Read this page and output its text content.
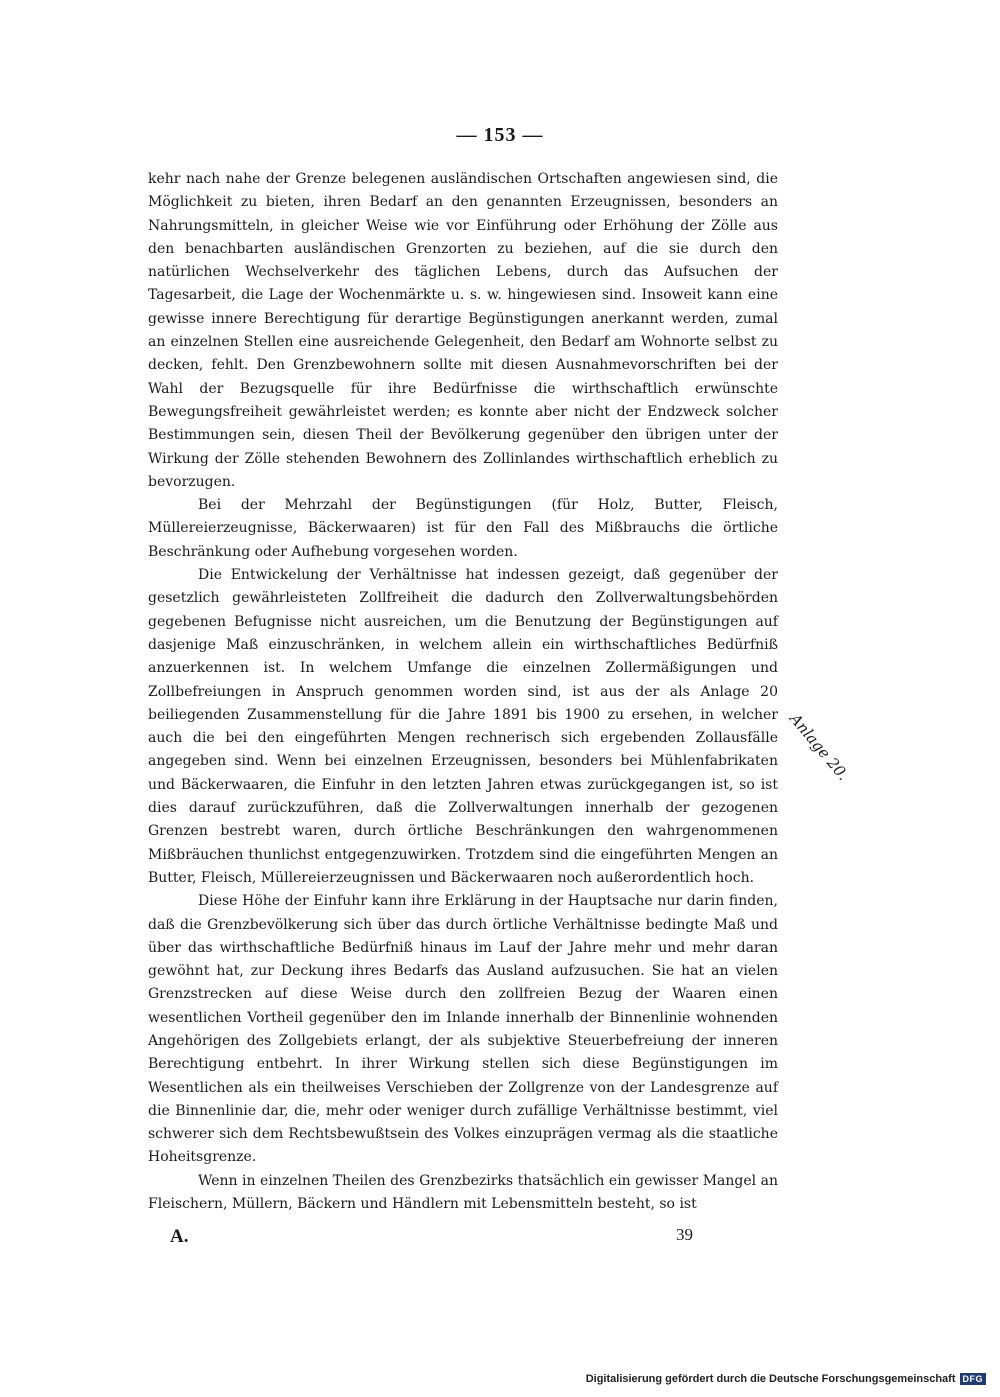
— 153 —

kehr nach nahe der Grenze belegenen ausländischen Ortschaften angewiesen sind, die Möglichkeit zu bieten, ihren Bedarf an den genannten Erzeugnissen, besonders an Nahrungsmitteln, in gleicher Weise wie vor Einführung oder Erhöhung der Zölle aus den benachbarten ausländischen Grenzorten zu beziehen, auf die sie durch den natürlichen Wechselverkehr des täglichen Lebens, durch das Aufsuchen der Tagesarbeit, die Lage der Wochenmärkte u. s. w. hingewiesen sind. Insoweit kann eine gewisse innere Berechtigung für derartige Begünstigungen anerkannt werden, zumal an einzelnen Stellen eine ausreichende Gelegenheit, den Bedarf am Wohnorte selbst zu decken, fehlt. Den Grenzbewohnern sollte mit diesen Ausnahmevorschriften bei der Wahl der Bezugsquelle für ihre Bedürfnisse die wirthschaftlich erwünschte Bewegungsfreiheit gewährleistet werden; es konnte aber nicht der Endzweck solcher Bestimmungen sein, diesen Theil der Bevölkerung gegenüber den übrigen unter der Wirkung der Zölle stehenden Bewohnern des Zollinlandes wirthschaftlich erheblich zu bevorzugen.

Bei der Mehrzahl der Begünstigungen (für Holz, Butter, Fleisch, Müllereierzeugnisse, Bäckerwaaren) ist für den Fall des Mißbrauchs die örtliche Beschränkung oder Aufhebung vorgesehen worden.

Die Entwickelung der Verhältnisse hat indessen gezeigt, daß gegenüber der gesetzlich gewährleisteten Zollfreiheit die dadurch den Zollverwaltungsbehörden gegebenen Befugnisse nicht ausreichen, um die Benutzung der Begünstigungen auf dasjenige Maß einzuschränken, in welchem allein ein wirthschaftliches Bedürfniß anzuerkennen ist. In welchem Umfange die einzelnen Zollermäßigungen und Zollbefreiungen in Anspruch genommen worden sind, ist aus der als Anlage 20 beiliegenden Zusammenstellung für die Jahre 1891 bis 1900 zu ersehen, in welcher auch die bei den eingeführten Mengen rechnerisch sich ergebenden Zollausfälle angegeben sind. Wenn bei einzelnen Erzeugnissen, besonders bei Mühlenfabrikaten und Bäckerwaaren, die Einfuhr in den letzten Jahren etwas zurückgegangen ist, so ist dies darauf zurückzuführen, daß die Zollverwaltungen innerhalb der gezogenen Grenzen bestrebt waren, durch örtliche Beschränkungen den wahrgenommenen Mißbräuchen thunlichst entgegenzuwirken. Trotzdem sind die eingeführten Mengen an Butter, Fleisch, Müllereierzeugnissen und Bäckerwaaren noch außerordentlich hoch.

Diese Höhe der Einfuhr kann ihre Erklärung in der Hauptsache nur darin finden, daß die Grenzbevölkerung sich über das durch örtliche Verhältnisse bedingte Maß und über das wirthschaftliche Bedürfniß hinaus im Lauf der Jahre mehr und mehr daran gewöhnt hat, zur Deckung ihres Bedarfs das Ausland aufzusuchen. Sie hat an vielen Grenzstrecken auf diese Weise durch den zollfreien Bezug der Waaren einen wesentlichen Vortheil gegenüber den im Inlande innerhalb der Binnenlinie wohnenden Angehörigen des Zollgebiets erlangt, der als subjektive Steuerbefreiung der inneren Berechtigung entbehrt. In ihrer Wirkung stellen sich diese Begünstigungen im Wesentlichen als ein theilweises Verschieben der Zollgrenze von der Landesgrenze auf die Binnenlinie dar, die, mehr oder weniger durch zufällige Verhältnisse bestimmt, viel schwerer sich dem Rechtsbewußtsein des Volkes einzuprägen vermag als die staatliche Hoheitsgrenze.

Wenn in einzelnen Theilen des Grenzbezirks thatsächlich ein gewisser Mangel an Fleischern, Müllern, Bäckern und Händlern mit Lebensmitteln besteht, so ist

Anlage 20.
A.	39
Digitalisierung gefördert durch die Deutsche Forschungsgemeinschaft DFG
